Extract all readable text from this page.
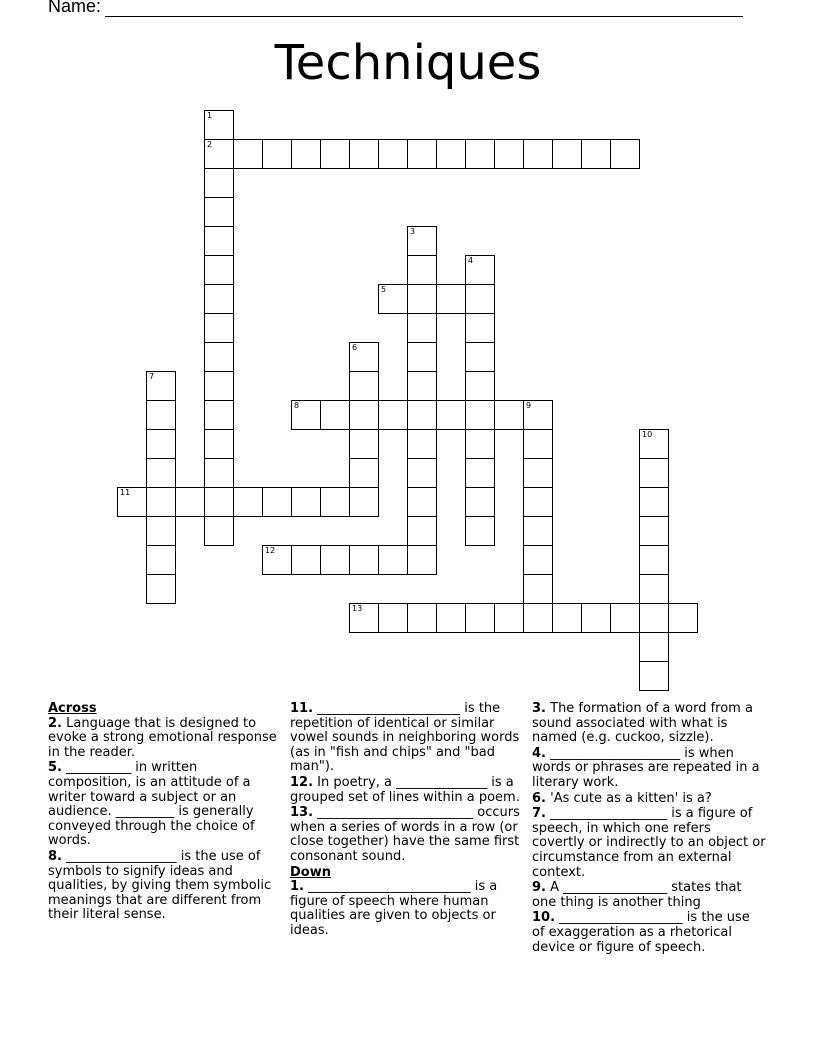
Name:
Techniques
1
2
3
4
5
6
7
8	9
10
11
12
13

Across

2. Language that is designed to evoke a strong emotional response in the reader.

5. __________ in written composition, is an attitude of a writer toward a subject or an audience. _________ is generally conveyed through the choice of words.

8. _________________ is the use of symbols to signify ideas and qualities, by giving them symbolic meanings that are different from their literal sense.

11. ______________________ is the repetition of identical or similar vowel sounds in neighboring words (as in "fish and chips" and "bad man").

12. In poetry, a ______________ is a grouped set of lines within a poem.

13. ________________________ occurs when a series of words in a row (or close together) have the same first consonant sound.

Down

1. _________________________ is a figure of speech where human qualities are given to objects or ideas.

3. The formation of a word from a sound associated with what is named (e.g. cuckoo, sizzle).

4. ____________________ is when words or phrases are repeated in a literary work.

6. 'As cute as a kitten' is a?

7. __________________ is a figure of speech, in which one refers covertly or indirectly to an object or circumstance from an external context.

9. A ________________ states that one thing is another thing

10. ___________________ is the use of exaggeration as a rhetorical device or figure of speech.
